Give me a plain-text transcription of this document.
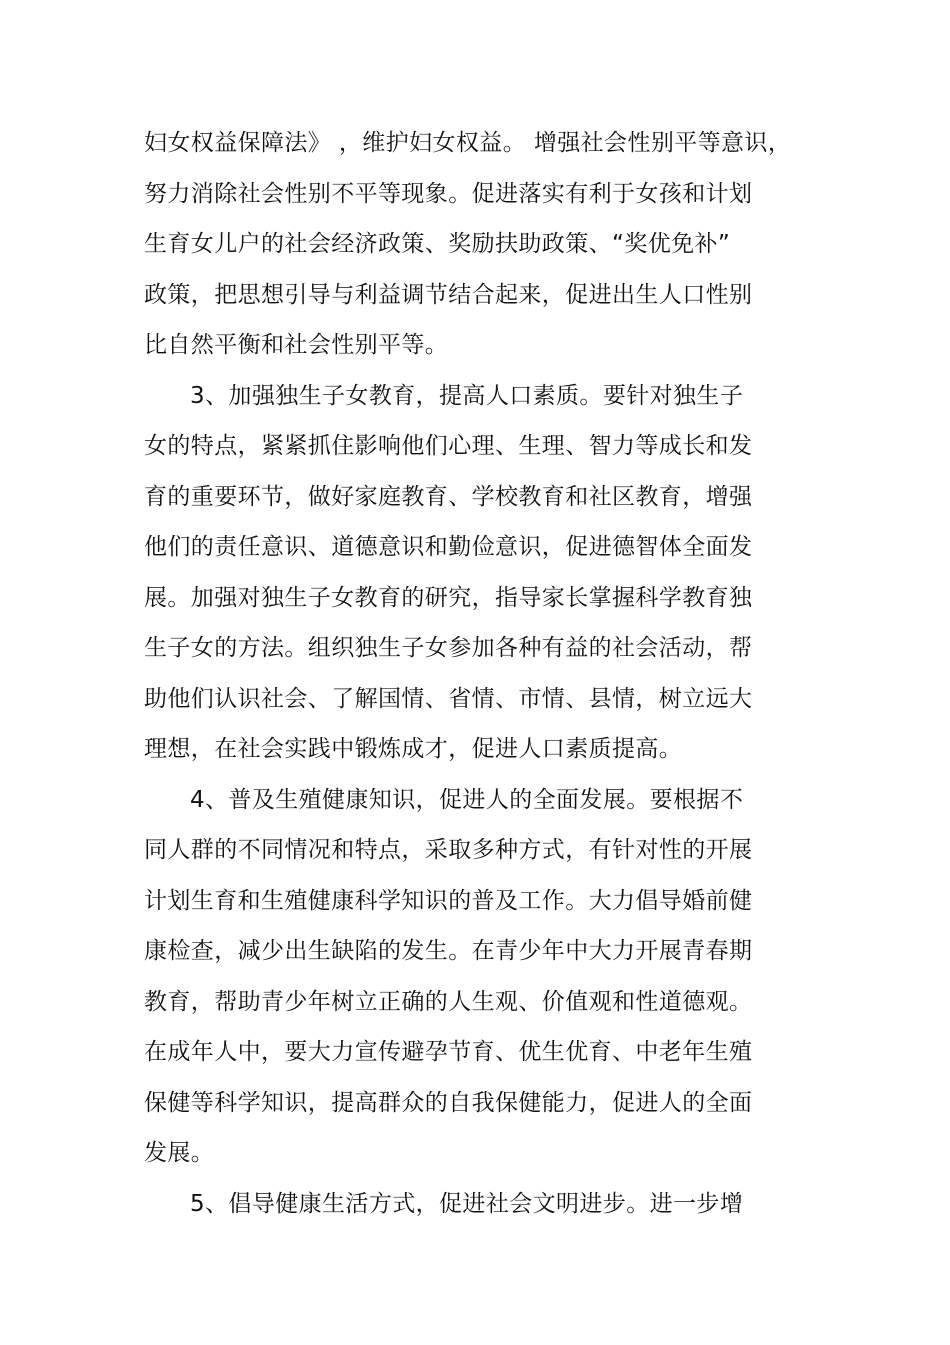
妇女权益保障法》 ，维护妇女权益。 增强社会性别平等意识，
努力消除社会性别不平等现象。促进落实有利于女孩和计划
生育女儿户的社会经济政策、奖励扶助政策、“奖优免补”
政策，把思想引导与利益调节结合起来，促进出生人口性别
比自然平衡和社会性别平等。
3、加强独生子女教育，提高人口素质。要针对独生子
女的特点，紧紧抓住影响他们心理、生理、智力等成长和发
育的重要环节，做好家庭教育、学校教育和社区教育，增强
他们的责任意识、道德意识和勤俭意识，促进德智体全面发
展。加强对独生子女教育的研究，指导家长掌握科学教育独
生子女的方法。组织独生子女参加各种有益的社会活动，帮
助他们认识社会、了解国情、省情、市情、县情，树立远大
理想，在社会实践中锻炼成才，促进人口素质提高。
4、普及生殖健康知识，促进人的全面发展。要根据不
同人群的不同情况和特点，采取多种方式，有针对性的开展
计划生育和生殖健康科学知识的普及工作。大力倡导婚前健
康检查，减少出生缺陷的发生。在青少年中大力开展青春期
教育，帮助青少年树立正确的人生观、价值观和性道德观。
在成年人中，要大力宣传避孕节育、优生优育、中老年生殖
保健等科学知识，提高群众的自我保健能力，促进人的全面
发展。
5、倡导健康生活方式，促进社会文明进步。进一步增
